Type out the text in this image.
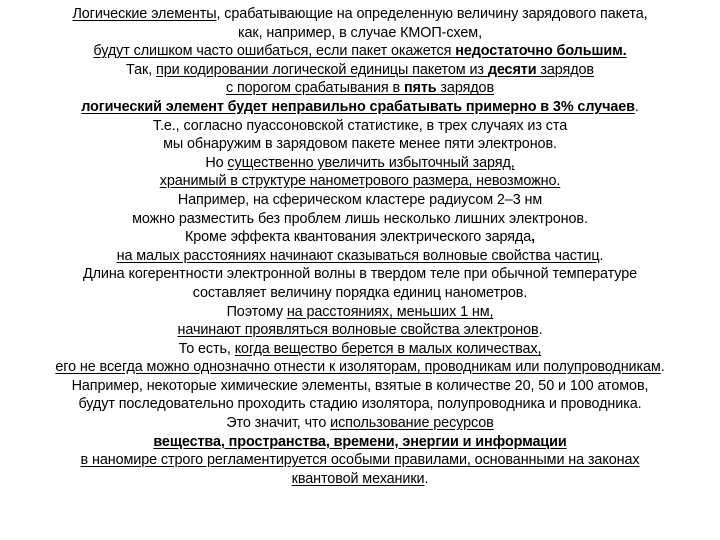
Логические элементы, срабатывающие на определенную величину зарядового пакета,
как, например, в случае КМОП-схем,
будут слишком часто ошибаться, если пакет окажется недостаточно большим.
Так, при кодировании логической единицы пакетом из десяти зарядов
с порогом срабатывания в пять зарядов
логический элемент будет неправильно срабатывать примерно в 3% случаев.
Т.е., согласно пуассоновской статистике, в трех случаях из ста
мы обнаружим в зарядовом пакете менее пяти электронов.
Но существенно увеличить избыточный заряд,
хранимый в структуре нанометрового размера, невозможно.
Например, на сферическом кластере радиусом 2–3 нм
можно разместить без проблем лишь несколько лишних электронов.
Кроме эффекта квантования электрического заряда,
на малых расстояниях начинают сказываться волновые свойства частиц.
Длина когерентности электронной волны в твердом теле при обычной температуре
составляет величину порядка единиц нанометров.
Поэтому на расстояниях, меньших 1 нм,
начинают проявляться волновые свойства электронов.
То есть, когда вещество берется в малых количествах,
его не всегда можно однозначно отнести к изоляторам, проводникам или полупроводникам.
Например, некоторые химические элементы, взятые в количестве 20, 50 и 100 атомов,
будут последовательно проходить стадию изолятора, полупроводника и проводника.
Это значит, что использование ресурсов
вещества, пространства, времени, энергии и информации
в наномире строго регламентируется особыми правилами, основанными на законах
квантовой механики.
